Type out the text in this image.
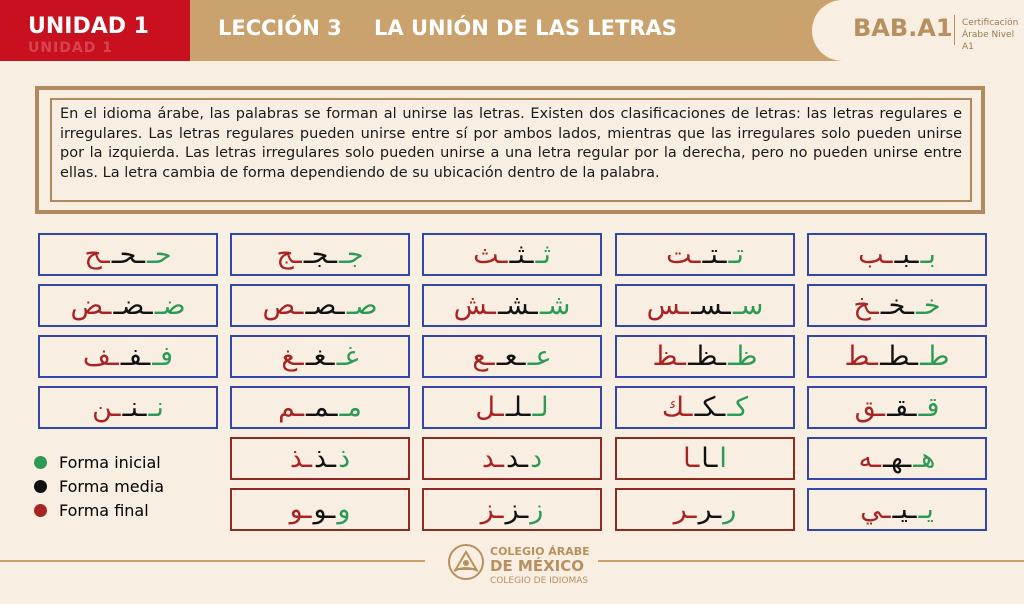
UNIDAD 1
UNIDAD 1
LECCIÓN 3 LA UNIÓN DE LAS LETRAS	BAB.A1 Certificación
Árabe Nivel A1
En el idioma árabe, las palabras se forman al unirse las letras. Existen dos clasificaciones de letras: las letras regulares e irregulares. Las letras regulares pueden unirse entre sí por ambos lados, mientras que las irregulares solo pueden unirse por la izquierda. Las letras irregulares solo pueden unirse a una letra regular por la derecha, pero no pueden unirse entre ellas. La letra cambia de forma dependiendo de su ubicación dentro de la palabra.
بـ
ـبـ
ـب
تـ
ـتـ
ـت
ثـ
ـثـ
ـث
جـ
ـجـ
ـج
حـ
ـحـ
ـح
خـ
ـخـ
ـخ
سـ
ـسـ
ـس
شـ
ـشـ
ـش
صـ
ـصـ
ـص
ضـ
ـضـ
ـض
طـ
ـطـ
ـط
ظـ
ـظـ
ـظ
عـ
ـعـ
ـع
غـ
ـغـ
ـغ
فـ
ـفـ
ـف
قـ
ـقـ
ـق
كـ
ـكـ
ـك
لـ
ـلـ
ـل
مـ
ـمـ
ـم
نـ
ـنـ
ـن
هـ
ـهـ
ـه
ا
ـا
ـا
د
ـد
ـد
ذ
ـذ
ـذ
يـ
ـيـ
ـي
ر
ـر
ـر
ز
ـز
ـز
و
ـو
ـو
Forma inicial
Forma media
Forma final
COLEGIO ÁRABE
DE MÉXICO
COLEGIO DE IDIOMAS
